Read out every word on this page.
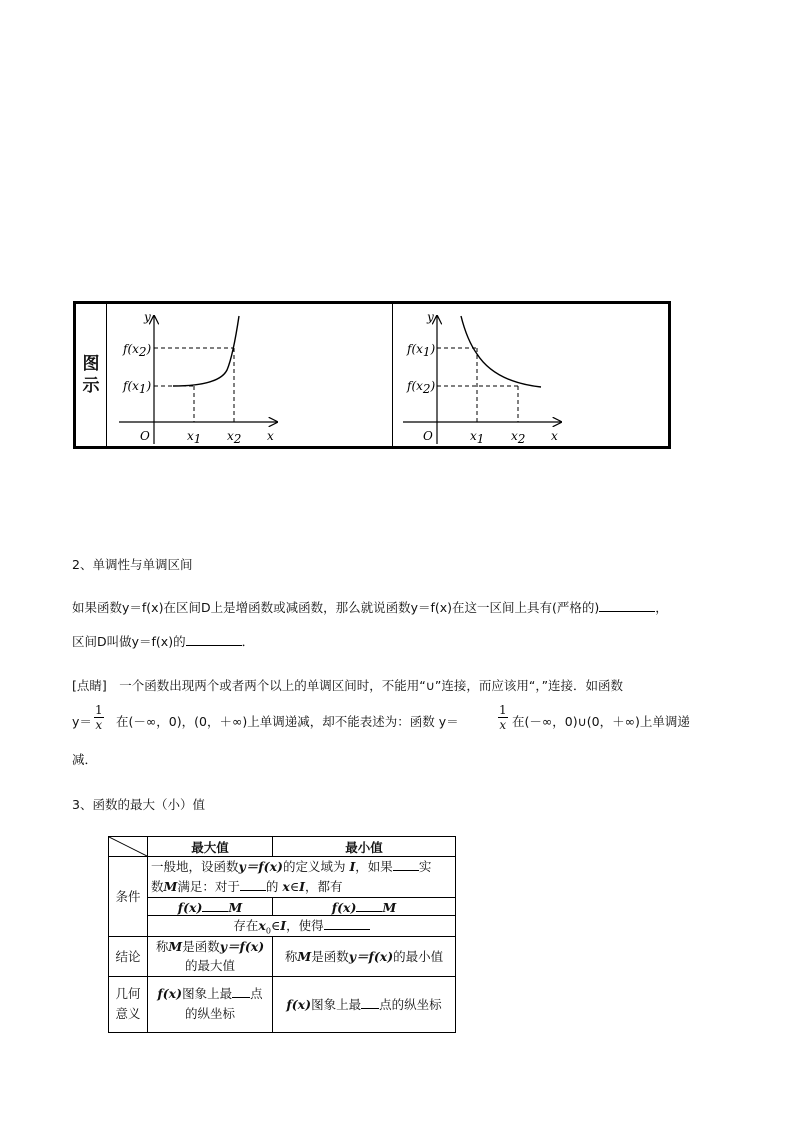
图
示
y
x
O
f(x2)
f(x1)
x1 x2
y
x
O
f(x1)
f(x2)
x1 x2
2、单调性与单调区间
如果函数y＝f(x)在区间D上是增函数或减函数，那么就说函数y＝f(x)在这一区间上具有(严格的)	，
区间D叫做y＝f(x)的	．
[点睛]　一个函数出现两个或者两个以上的单调区间时，不能用“∪”连接，而应该用“，”连接．如函数
$y= \frac{1}{x}$ 在(－∞，0)，(0，＋∞)上单调递减，却不能表述为：函数 y＝	$\frac{1}{x}$ 在(－∞，0)∪(0，＋∞)上单调递
减．
3、函数的最大（小）值
	最大值	最小值
条件	一般地，设函数y＝f(x)的定义域为 I，如果 实
数M满足：对于 的 x∈I，都有	
	f(x) M	f(x) M
	存在$x_0\in I$，使得	
结论	称M是函数y＝f(x)
的最大值	称M是函数y＝f(x)的最小值
几何
意义	f(x)图象上最 点
的纵坐标	f(x)图象上最 点的纵坐标
